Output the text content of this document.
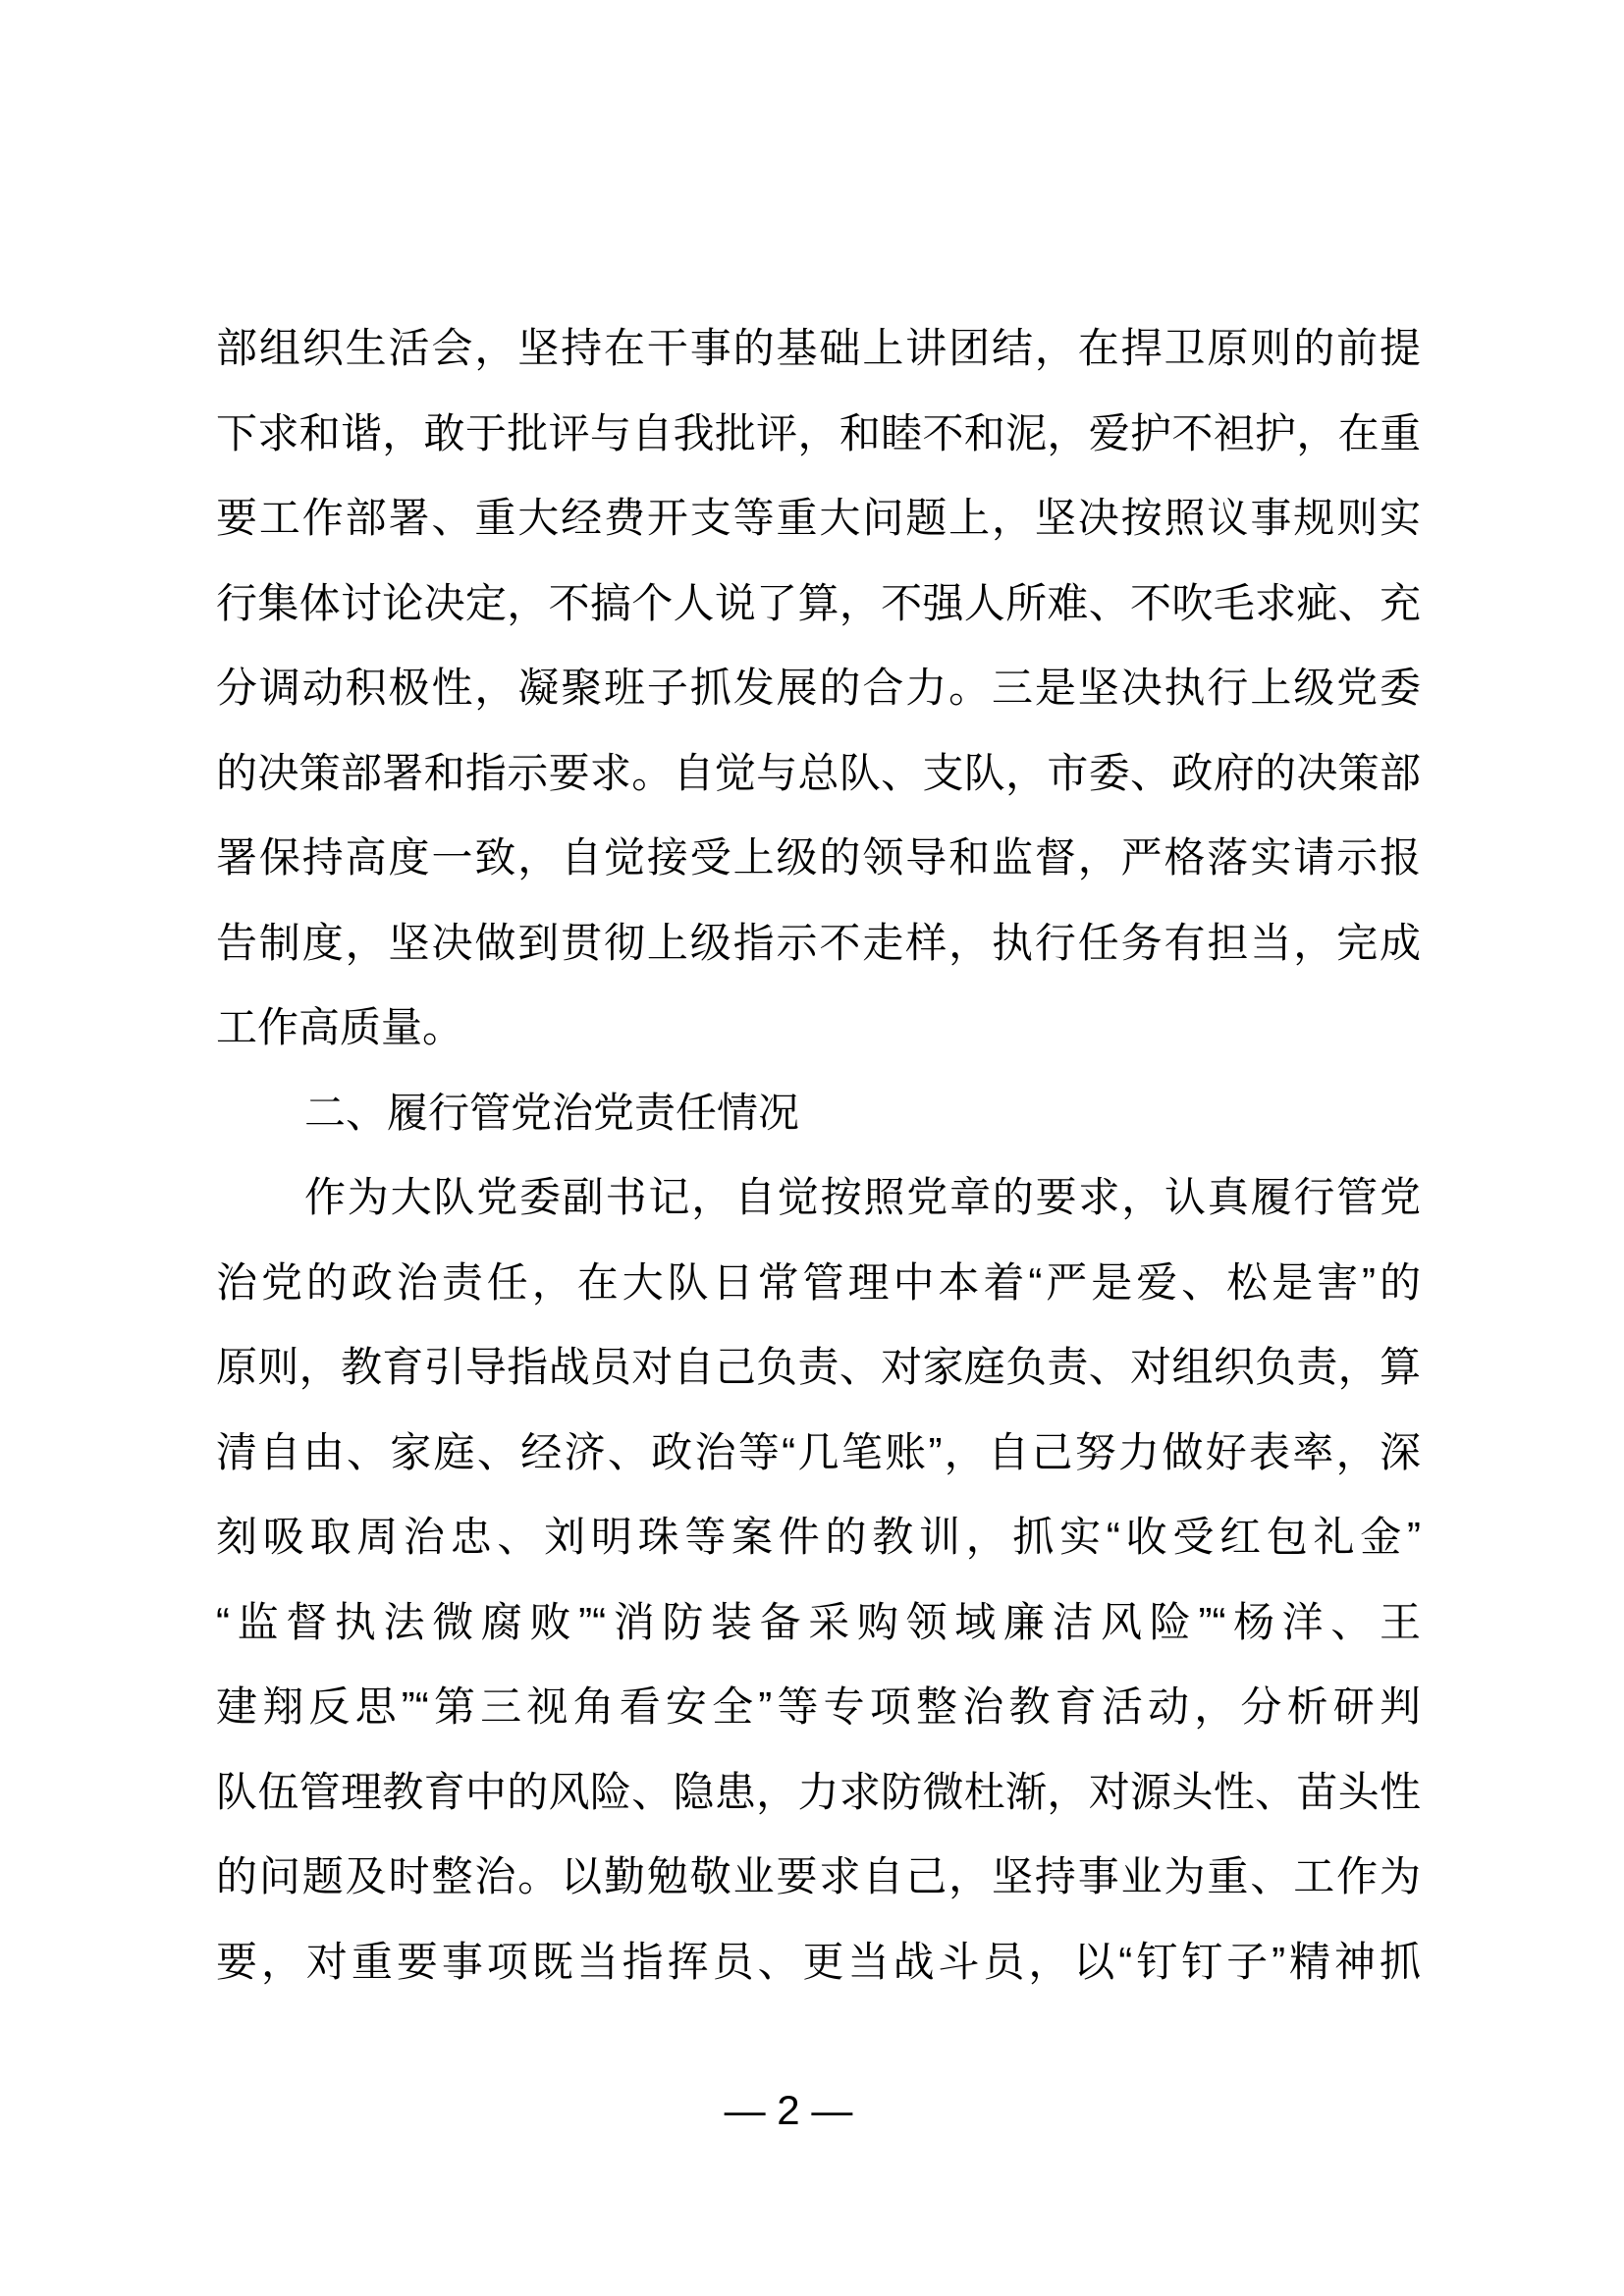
部组织生活会，坚持在干事的基础上讲团结，在捍卫原则的前提
下求和谐，敢于批评与自我批评，和睦不和泥，爱护不袒护，在重
要工作部署、重大经费开支等重大问题上，坚决按照议事规则实
行集体讨论决定，不搞个人说了算，不强人所难、不吹毛求疵、充
分调动积极性，凝聚班子抓发展的合力。三是坚决执行上级党委
的决策部署和指示要求。自觉与总队、支队，市委、政府的决策部
署保持高度一致，自觉接受上级的领导和监督，严格落实请示报
告制度，坚决做到贯彻上级指示不走样，执行任务有担当，完成
工作高质量。
二、履行管党治党责任情况
作为大队党委副书记，自觉按照党章的要求，认真履行管党
治党的政治责任，在大队日常管理中本着“严是爱、松是害”的
原则，教育引导指战员对自己负责、对家庭负责、对组织负责，算
清自由、家庭、经济、政治等“几笔账”，自己努力做好表率，深
刻吸取周治忠、刘明珠等案件的教训，抓实“收受红包礼金”
“监督执法微腐败”“消防装备采购领域廉洁风险”“杨洋、王
建翔反思”“第三视角看安全”等专项整治教育活动，分析研判
队伍管理教育中的风险、隐患，力求防微杜渐，对源头性、苗头性
的问题及时整治。以勤勉敬业要求自己，坚持事业为重、工作为
要，对重要事项既当指挥员、更当战斗员，以“钉钉子”精神抓
— 2 —
